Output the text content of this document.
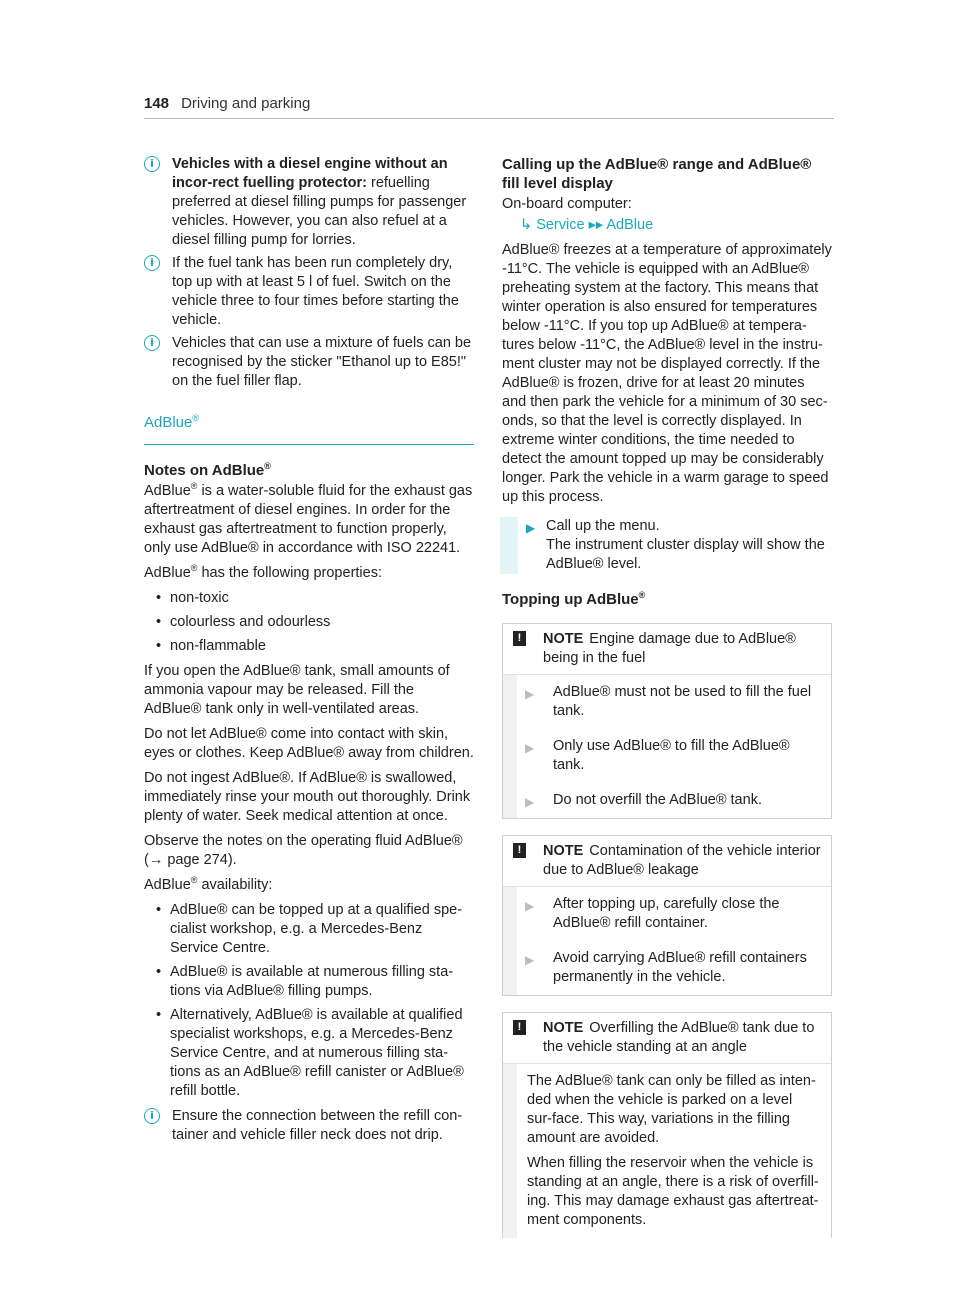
148 Driving and parking
i	Vehicles with a diesel engine without an incor-rect fuelling protector: refuelling preferred at diesel filling pumps for passenger vehicles. However, you can also refuel at a diesel filling pump for lorries.
i	If the fuel tank has been run completely dry, top up with at least 5 l of fuel. Switch on the vehicle three to four times before starting the vehicle.
i	Vehicles that can use a mixture of fuels can be recognised by the sticker "Ethanol up to E85!" on the fuel filler flap.
AdBlue®
Notes on AdBlue®

AdBlue® is a water-soluble fluid for the exhaust gas aftertreatment of diesel engines. In order for the exhaust gas aftertreatment to function properly, only use AdBlue® in accordance with ISO 22241.

AdBlue® has the following properties:

• non-toxic
• colourless and odourless
• non-flammable

If you open the AdBlue® tank, small amounts of ammonia vapour may be released. Fill the AdBlue® tank only in well-ventilated areas.

Do not let AdBlue® come into contact with skin, eyes or clothes. Keep AdBlue® away from children.

Do not ingest AdBlue®. If AdBlue® is swallowed, immediately rinse your mouth out thoroughly. Drink plenty of water. Seek medical attention at once.

Observe the notes on the operating fluid AdBlue® (→ page 274).

AdBlue® availability:

• AdBlue® can be topped up at a qualified spe-cialist workshop, e.g. a Mercedes-Benz Service Centre.
• AdBlue® is available at numerous filling sta-tions via AdBlue® filling pumps.
• Alternatively, AdBlue® is available at qualified specialist workshops, e.g. a Mercedes-Benz Service Centre, and at numerous filling sta-tions as an AdBlue® refill canister or AdBlue® refill bottle.
i	Ensure the connection between the refill con-tainer and vehicle filler neck does not drip.
Calling up the AdBlue® range and AdBlue® fill level display

On-board computer:

↳ Service ▸▸ AdBlue

AdBlue® freezes at a temperature of approximately -11°C. The vehicle is equipped with an AdBlue® preheating system at the factory. This means that winter operation is also ensured for temperatures below -11°C. If you top up AdBlue® at tempera-tures below -11°C, the AdBlue® level in the instru-ment cluster may not be displayed correctly. If the AdBlue® is frozen, drive for at least 20 minutes and then park the vehicle for a minimum of 30 sec-onds, so that the level is correctly displayed. In extreme winter conditions, the time needed to detect the amount topped up may be considerably longer. Park the vehicle in a warm garage to speed up this process.

▶ Call up the menu.
The instrument cluster display will show the AdBlue® level.
Topping up AdBlue®
!	NOTE Engine damage due to AdBlue® being in the fuel
▶ AdBlue® must not be used to fill the fuel tank.
▶ Only use AdBlue® to fill the AdBlue® tank.
▶ Do not overfill the AdBlue® tank.
!	NOTE Contamination of the vehicle interior due to AdBlue® leakage
▶ After topping up, carefully close the AdBlue® refill container.
▶ Avoid carrying AdBlue® refill containers permanently in the vehicle.
!	NOTE Overfilling the AdBlue® tank due to the vehicle standing at an angle

The AdBlue® tank can only be filled as inten-ded when the vehicle is parked on a level sur-face. This way, variations in the filling amount are avoided.

When filling the reservoir when the vehicle is standing at an angle, there is a risk of overfill-ing. This may damage exhaust gas aftertreat-ment components.
